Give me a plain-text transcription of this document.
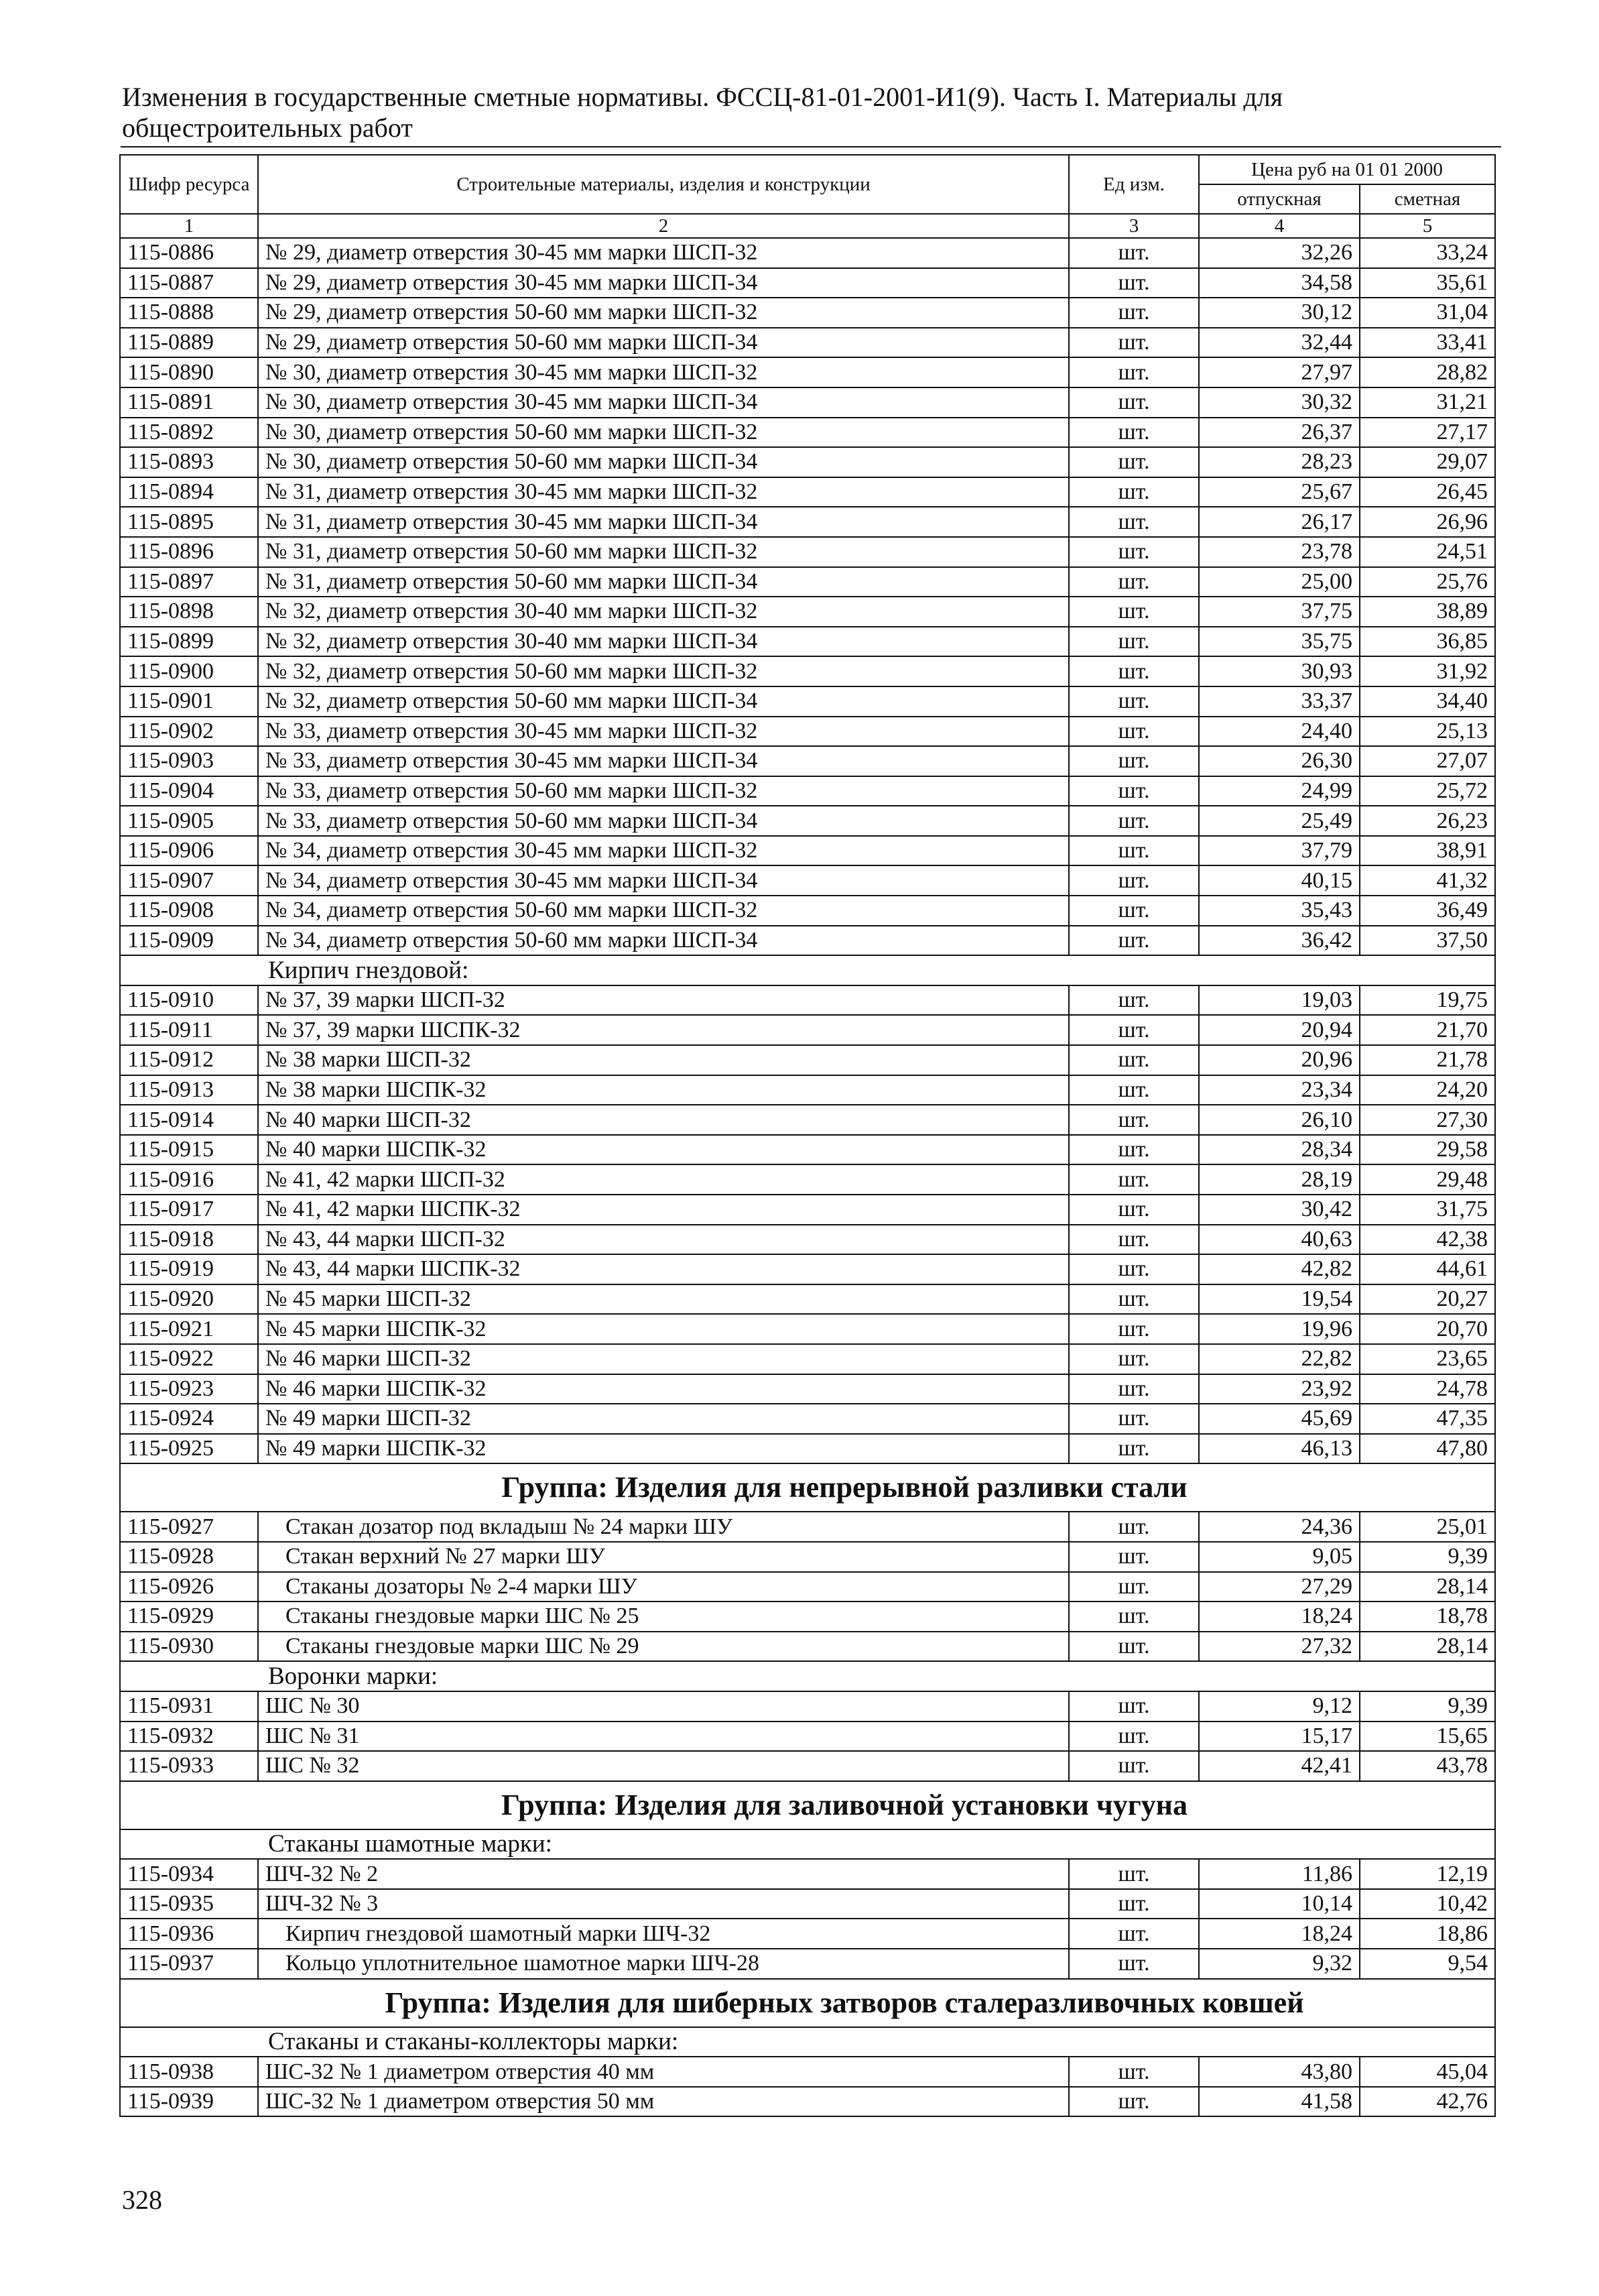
Изменения в государственные сметные нормативы. ФССЦ-81-01-2001-И1(9). Часть I. Материалы для общестроительных работ
Шифр ресурса	Строительные материалы, изделия и конструкции	Ед изм.	Цена руб на 01 01 2000	
			отпускная	сметная
1	2	3	4	5
115-0886	№ 29, диаметр отверстия 30-45 мм марки ШСП-32	шт.	32,26	33,24
115-0887	№ 29, диаметр отверстия 30-45 мм марки ШСП-34	шт.	34,58	35,61
115-0888	№ 29, диаметр отверстия 50-60 мм марки ШСП-32	шт.	30,12	31,04
115-0889	№ 29, диаметр отверстия 50-60 мм марки ШСП-34	шт.	32,44	33,41
115-0890	№ 30, диаметр отверстия 30-45 мм марки ШСП-32	шт.	27,97	28,82
115-0891	№ 30, диаметр отверстия 30-45 мм марки ШСП-34	шт.	30,32	31,21
115-0892	№ 30, диаметр отверстия 50-60 мм марки ШСП-32	шт.	26,37	27,17
115-0893	№ 30, диаметр отверстия 50-60 мм марки ШСП-34	шт.	28,23	29,07
115-0894	№ 31, диаметр отверстия 30-45 мм марки ШСП-32	шт.	25,67	26,45
115-0895	№ 31, диаметр отверстия 30-45 мм марки ШСП-34	шт.	26,17	26,96
115-0896	№ 31, диаметр отверстия 50-60 мм марки ШСП-32	шт.	23,78	24,51
115-0897	№ 31, диаметр отверстия 50-60 мм марки ШСП-34	шт.	25,00	25,76
115-0898	№ 32, диаметр отверстия 30-40 мм марки ШСП-32	шт.	37,75	38,89
115-0899	№ 32, диаметр отверстия 30-40 мм марки ШСП-34	шт.	35,75	36,85
115-0900	№ 32, диаметр отверстия 50-60 мм марки ШСП-32	шт.	30,93	31,92
115-0901	№ 32, диаметр отверстия 50-60 мм марки ШСП-34	шт.	33,37	34,40
115-0902	№ 33, диаметр отверстия 30-45 мм марки ШСП-32	шт.	24,40	25,13
115-0903	№ 33, диаметр отверстия 30-45 мм марки ШСП-34	шт.	26,30	27,07
115-0904	№ 33, диаметр отверстия 50-60 мм марки ШСП-32	шт.	24,99	25,72
115-0905	№ 33, диаметр отверстия 50-60 мм марки ШСП-34	шт.	25,49	26,23
115-0906	№ 34, диаметр отверстия 30-45 мм марки ШСП-32	шт.	37,79	38,91
115-0907	№ 34, диаметр отверстия 30-45 мм марки ШСП-34	шт.	40,15	41,32
115-0908	№ 34, диаметр отверстия 50-60 мм марки ШСП-32	шт.	35,43	36,49
115-0909	№ 34, диаметр отверстия 50-60 мм марки ШСП-34	шт.	36,42	37,50
Кирпич гнездовой:				
115-0910	№ 37, 39 марки ШСП-32	шт.	19,03	19,75
115-0911	№ 37, 39 марки ШСПК-32	шт.	20,94	21,70
115-0912	№ 38 марки ШСП-32	шт.	20,96	21,78
115-0913	№ 38 марки ШСПК-32	шт.	23,34	24,20
115-0914	№ 40 марки ШСП-32	шт.	26,10	27,30
115-0915	№ 40 марки ШСПК-32	шт.	28,34	29,58
115-0916	№ 41, 42 марки ШСП-32	шт.	28,19	29,48
115-0917	№ 41, 42 марки ШСПК-32	шт.	30,42	31,75
115-0918	№ 43, 44 марки ШСП-32	шт.	40,63	42,38
115-0919	№ 43, 44 марки ШСПК-32	шт.	42,82	44,61
115-0920	№ 45 марки ШСП-32	шт.	19,54	20,27
115-0921	№ 45 марки ШСПК-32	шт.	19,96	20,70
115-0922	№ 46 марки ШСП-32	шт.	22,82	23,65
115-0923	№ 46 марки ШСПК-32	шт.	23,92	24,78
115-0924	№ 49 марки ШСП-32	шт.	45,69	47,35
115-0925	№ 49 марки ШСПК-32	шт.	46,13	47,80
Группа: Изделия для непрерывной разливки стали				
115-0927	Стакан дозатор под вкладыш № 24 марки ШУ	шт.	24,36	25,01
115-0928	Стакан верхний № 27 марки ШУ	шт.	9,05	9,39
115-0926	Стаканы дозаторы № 2-4 марки ШУ	шт.	27,29	28,14
115-0929	Стаканы гнездовые марки ШС № 25	шт.	18,24	18,78
115-0930	Стаканы гнездовые марки ШС № 29	шт.	27,32	28,14
Воронки марки:				
115-0931	ШС № 30	шт.	9,12	9,39
115-0932	ШС № 31	шт.	15,17	15,65
115-0933	ШС № 32	шт.	42,41	43,78
Группа: Изделия для заливочной установки чугуна				
Стаканы шамотные марки:				
115-0934	ШЧ-32 № 2	шт.	11,86	12,19
115-0935	ШЧ-32 № 3	шт.	10,14	10,42
115-0936	Кирпич гнездовой шамотный марки ШЧ-32	шт.	18,24	18,86
115-0937	Кольцо уплотнительное шамотное марки ШЧ-28	шт.	9,32	9,54
Группа: Изделия для шиберных затворов сталеразливочных ковшей				
Стаканы и стаканы-коллекторы марки:				
115-0938	ШС-32 № 1 диаметром отверстия 40 мм	шт.	43,80	45,04
115-0939	ШС-32 № 1 диаметром отверстия 50 мм	шт.	41,58	42,76
328
